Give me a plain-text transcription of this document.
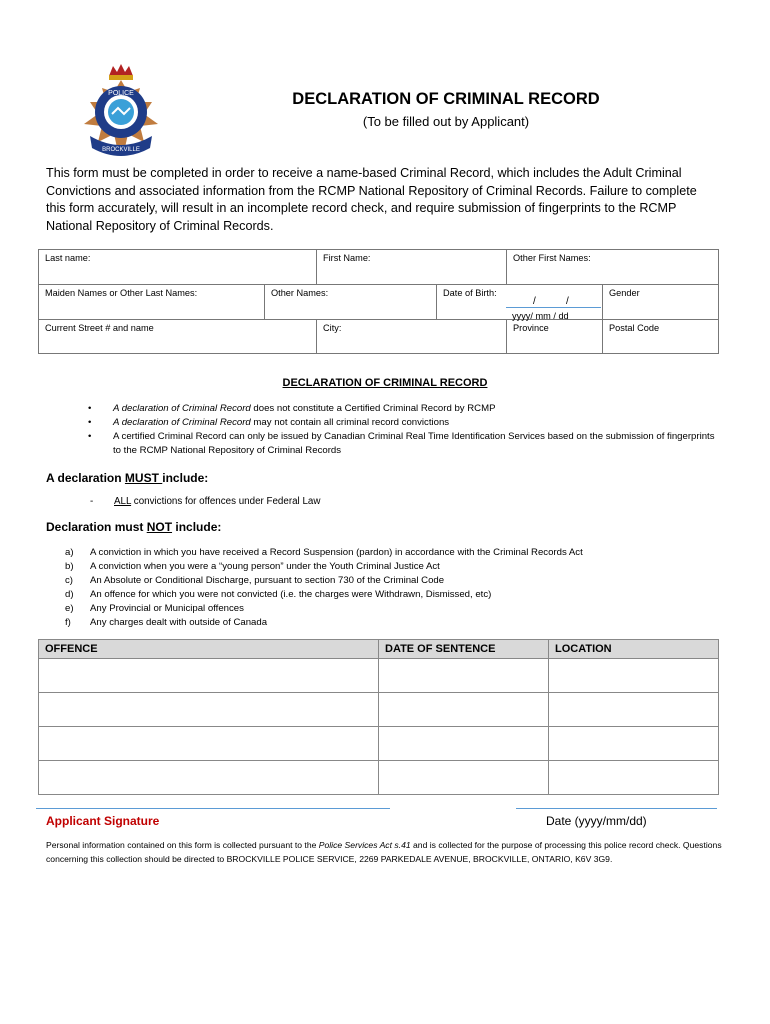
POLICE
BROCKVILLE
DECLARATION OF CRIMINAL RECORD
(To be filled out by Applicant)
This form must be completed in order to receive a name-based Criminal Record, which includes the Adult Criminal Convictions and associated information from the RCMP National Repository of Criminal Records. Failure to complete this form accurately, will result in an incomplete record check, and require submission of fingerprints to the RCMP National Repository of Criminal Records.
Last name:		First Name:		Other First Names:	
Maiden Names or Other Last Names:	Other Names:		Date of Birth:		Gender
Current Street # and name		City:		Province	Postal Code
/	/
yyyy/ mm / dd
DECLARATION OF CRIMINAL RECORD
• A declaration of Criminal Record does not constitute a Certified Criminal Record by RCMP
• A declaration of Criminal Record may not contain all criminal record convictions
• A certified Criminal Record can only be issued by Canadian Criminal Real Time Identification Services based on the submission of fingerprints to the RCMP National Repository of Criminal Records
A declaration MUST include:
- ALL convictions for offences under Federal Law
Declaration must NOT include:
a)	A conviction in which you have received a Record Suspension (pardon) in accordance with the Criminal Records Act
b)	A conviction when you were a “young person” under the Youth Criminal Justice Act
c)	An Absolute or Conditional Discharge, pursuant to section 730 of the Criminal Code
d)	An offence for which you were not convicted (i.e. the charges were Withdrawn, Dismissed, etc)
e)	Any Provincial or Municipal offences
f)	Any charges dealt with outside of Canada
OFFENCE	DATE OF SENTENCE	LOCATION

Applicant Signature	Date (yyyy/mm/dd)
Personal information contained on this form is collected pursuant to the Police Services Act s.41 and is collected for the purpose of processing this police record check. Questions concerning this collection should be directed to BROCKVILLE POLICE SERVICE, 2269 PARKEDALE AVENUE, BROCKVILLE, ONTARIO, K6V 3G9.
